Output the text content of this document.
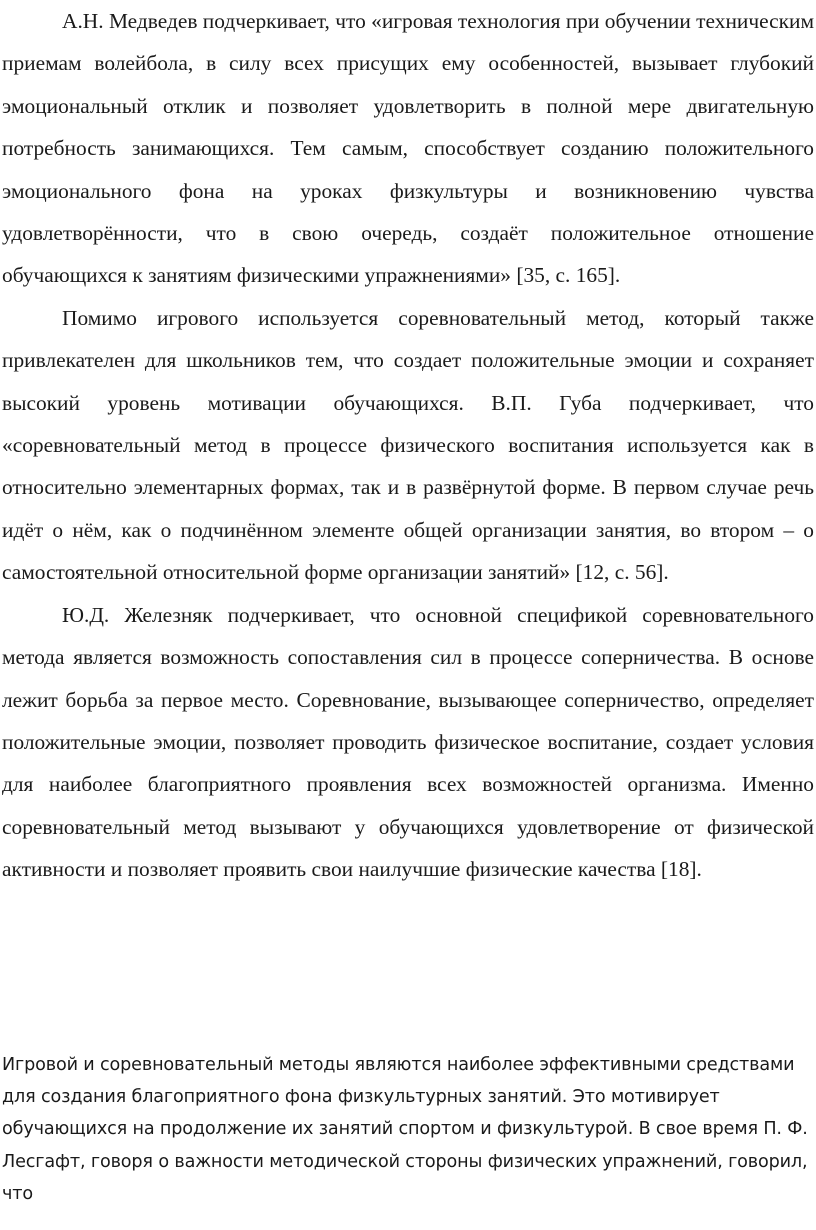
А.Н. Медведев подчеркивает, что «игровая технология при обучении техническим приемам волейбола, в силу всех присущих ему особенностей, вызывает глубокий эмоциональный отклик и позволяет удовлетворить в полной мере двигательную потребность занимающихся. Тем самым, способствует созданию положительного эмоционального фона на уроках физкультуры и возникновению чувства удовлетворённости, что в свою очередь, создаёт положительное отношение обучающихся к занятиям физическими упражнениями» [35, с. 165].

Помимо игрового используется соревновательный метод, который также привлекателен для школьников тем, что создает положительные эмоции и сохраняет высокий уровень мотивации обучающихся. В.П. Губа подчеркивает, что «соревновательный метод в процессе физического воспитания используется как в относительно элементарных формах, так и в развёрнутой форме. В первом случае речь идёт о нём, как о подчинённом элементе общей организации занятия, во втором – о самостоятельной относительной форме организации занятий» [12, с. 56].

Ю.Д. Железняк подчеркивает, что основной спецификой соревновательного метода является возможность сопоставления сил в процессе соперничества. В основе лежит борьба за первое место. Соревнование, вызывающее соперничество, определяет положительные эмоции, позволяет проводить физическое воспитание, создает условия для наиболее благоприятного проявления всех возможностей организма. Именно соревновательный метод вызывают у обучающихся удовлетворение от физической активности и позволяет проявить свои наилучшие физические качества [18].

Игровой и соревновательный методы являются наиболее эффективными средствами для создания благоприятного фона физкультурных занятий. Это мотивирует обучающихся на продолжение их занятий спортом и физкультурой. В свое время П. Ф. Лесгафт, говоря о важности методической стороны физических упражнений, говорил, что
